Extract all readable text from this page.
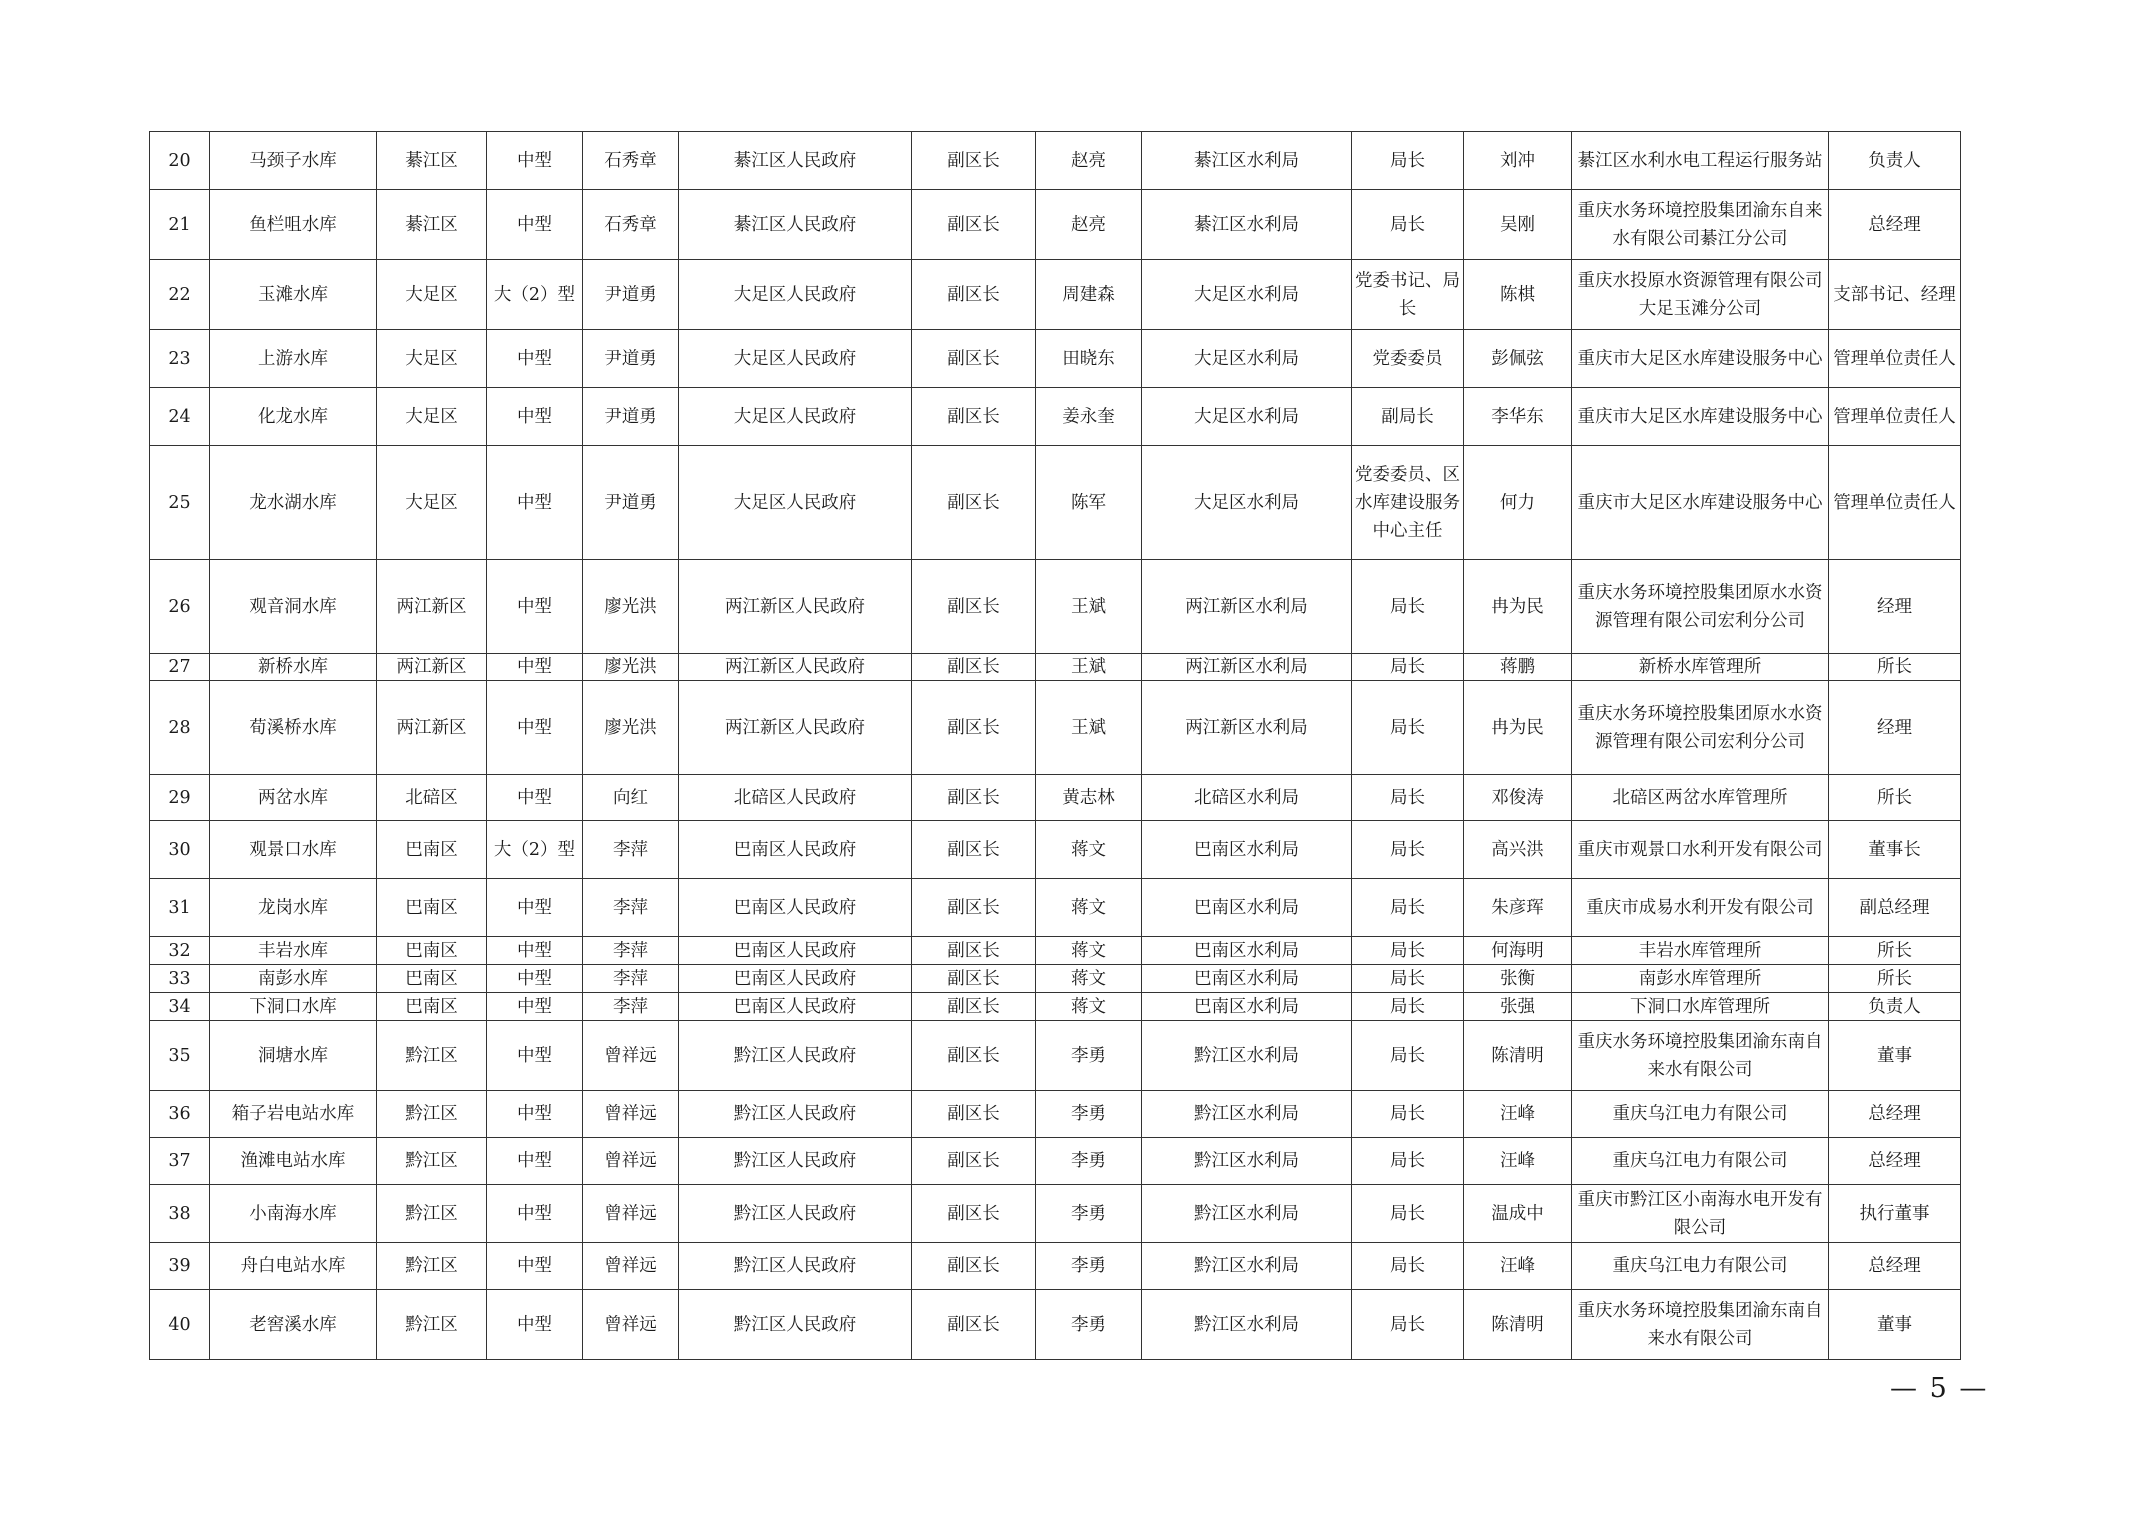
20	马颈子水库	綦江区	中型	石秀章	綦江区人民政府	副区长	赵亮	綦江区水利局	局长	刘冲	綦江区水利水电工程运行服务站	负责人
21	鱼栏咀水库	綦江区	中型	石秀章	綦江区人民政府	副区长	赵亮	綦江区水利局	局长	吴刚	重庆水务环境控股集团渝东自来水有限公司綦江分公司	总经理
22	玉滩水库	大足区	大（2）型	尹道勇	大足区人民政府	副区长	周建森	大足区水利局	党委书记、局长	陈棋	重庆水投原水资源管理有限公司大足玉滩分公司	支部书记、经理
23	上游水库	大足区	中型	尹道勇	大足区人民政府	副区长	田晓东	大足区水利局	党委委员	彭佩弦	重庆市大足区水库建设服务中心	管理单位责任人
24	化龙水库	大足区	中型	尹道勇	大足区人民政府	副区长	姜永奎	大足区水利局	副局长	李华东	重庆市大足区水库建设服务中心	管理单位责任人
25	龙水湖水库	大足区	中型	尹道勇	大足区人民政府	副区长	陈军	大足区水利局	党委委员、区水库建设服务中心主任	何力	重庆市大足区水库建设服务中心	管理单位责任人
26	观音洞水库	两江新区	中型	廖光洪	两江新区人民政府	副区长	王斌	两江新区水利局	局长	冉为民	重庆水务环境控股集团原水水资源管理有限公司宏利分公司	经理
27	新桥水库	两江新区	中型	廖光洪	两江新区人民政府	副区长	王斌	两江新区水利局	局长	蒋鹏	新桥水库管理所	所长
28	荀溪桥水库	两江新区	中型	廖光洪	两江新区人民政府	副区长	王斌	两江新区水利局	局长	冉为民	重庆水务环境控股集团原水水资源管理有限公司宏利分公司	经理
29	两岔水库	北碚区	中型	向红	北碚区人民政府	副区长	黄志林	北碚区水利局	局长	邓俊涛	北碚区两岔水库管理所	所长
30	观景口水库	巴南区	大（2）型	李萍	巴南区人民政府	副区长	蒋文	巴南区水利局	局长	高兴洪	重庆市观景口水利开发有限公司	董事长
31	龙岗水库	巴南区	中型	李萍	巴南区人民政府	副区长	蒋文	巴南区水利局	局长	朱彦珲	重庆市成易水利开发有限公司	副总经理
32	丰岩水库	巴南区	中型	李萍	巴南区人民政府	副区长	蒋文	巴南区水利局	局长	何海明	丰岩水库管理所	所长
33	南彭水库	巴南区	中型	李萍	巴南区人民政府	副区长	蒋文	巴南区水利局	局长	张衡	南彭水库管理所	所长
34	下洞口水库	巴南区	中型	李萍	巴南区人民政府	副区长	蒋文	巴南区水利局	局长	张强	下洞口水库管理所	负责人
35	洞塘水库	黔江区	中型	曾祥远	黔江区人民政府	副区长	李勇	黔江区水利局	局长	陈清明	重庆水务环境控股集团渝东南自来水有限公司	董事
36	箱子岩电站水库	黔江区	中型	曾祥远	黔江区人民政府	副区长	李勇	黔江区水利局	局长	汪峰	重庆乌江电力有限公司	总经理
37	渔滩电站水库	黔江区	中型	曾祥远	黔江区人民政府	副区长	李勇	黔江区水利局	局长	汪峰	重庆乌江电力有限公司	总经理
38	小南海水库	黔江区	中型	曾祥远	黔江区人民政府	副区长	李勇	黔江区水利局	局长	温成中	重庆市黔江区小南海水电开发有限公司	执行董事
39	舟白电站水库	黔江区	中型	曾祥远	黔江区人民政府	副区长	李勇	黔江区水利局	局长	汪峰	重庆乌江电力有限公司	总经理
40	老窖溪水库	黔江区	中型	曾祥远	黔江区人民政府	副区长	李勇	黔江区水利局	局长	陈清明	重庆水务环境控股集团渝东南自来水有限公司	董事
— 5 —
